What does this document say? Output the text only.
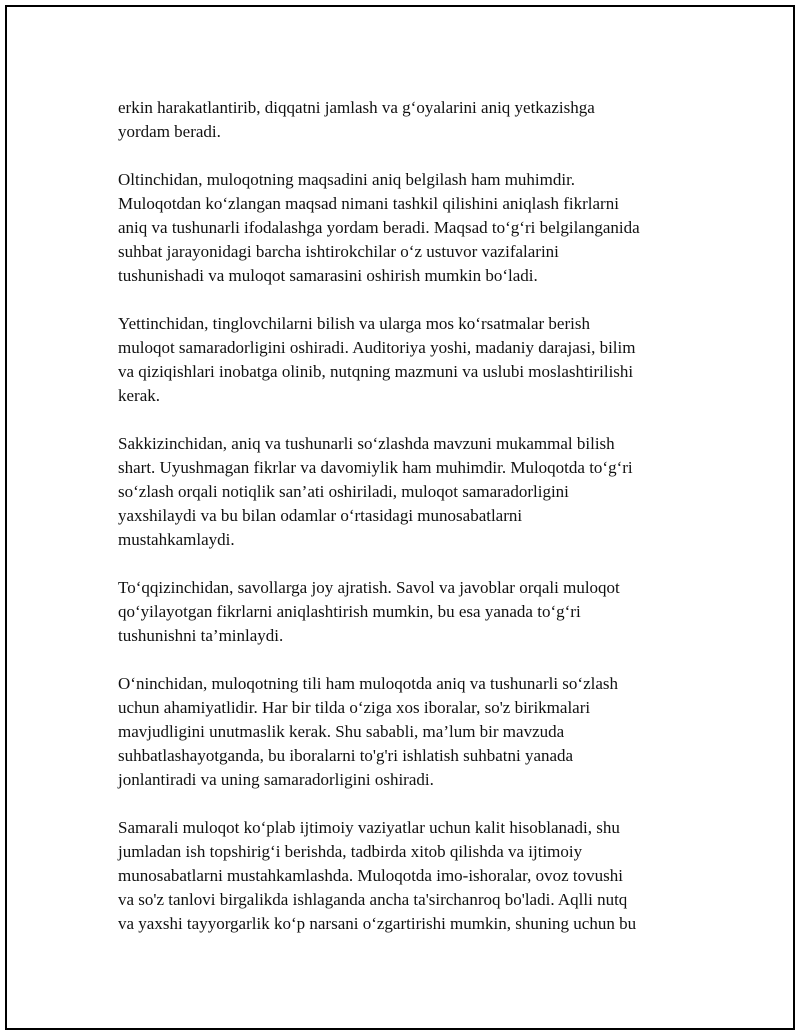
erkin harakatlantirib, diqqatni jamlash va g‘oyalarini aniq yetkazishga
yordam beradi.

Oltinchidan, muloqotning maqsadini aniq belgilash ham muhimdir.
Muloqotdan ko‘zlangan maqsad nimani tashkil qilishini aniqlash fikrlarni
aniq va tushunarli ifodalashga yordam beradi. Maqsad to‘g‘ri belgilanganida
suhbat jarayonidagi barcha ishtirokchilar o‘z ustuvor vazifalarini
tushunishadi va muloqot samarasini oshirish mumkin bo‘ladi.

Yettinchidan, tinglovchilarni bilish va ularga mos ko‘rsatmalar berish
muloqot samaradorligini oshiradi. Auditoriya yoshi, madaniy darajasi, bilim
va qiziqishlari inobatga olinib, nutqning mazmuni va uslubi moslashtirilishi
kerak.

Sakkizinchidan, aniq va tushunarli so‘zlashda mavzuni mukammal bilish
shart. Uyushmagan fikrlar va davomiylik ham muhimdir. Muloqotda to‘g‘ri
so‘zlash orqali notiqlik san’ati oshiriladi, muloqot samaradorligini
yaxshilaydi va bu bilan odamlar o‘rtasidagi munosabatlarni
mustahkamlaydi.

To‘qqizinchidan, savollarga joy ajratish. Savol va javoblar orqali muloqot
qo‘yilayotgan fikrlarni aniqlashtirish mumkin, bu esa yanada to‘g‘ri
tushunishni ta’minlaydi.

O‘ninchidan, muloqotning tili ham muloqotda aniq va tushunarli so‘zlash
uchun ahamiyatlidir. Har bir tilda o‘ziga xos iboralar, so'z birikmalari
mavjudligini unutmaslik kerak. Shu sababli, ma’lum bir mavzuda
suhbatlashayotganda, bu iboralarni to'g'ri ishlatish suhbatni yanada
jonlantiradi va uning samaradorligini oshiradi.

Samarali muloqot ko‘plab ijtimoiy vaziyatlar uchun kalit hisoblanadi, shu
jumladan ish topshirig‘i berishda, tadbirda xitob qilishda va ijtimoiy
munosabatlarni mustahkamlashda. Muloqotda imo-ishoralar, ovoz tovushi
va so'z tanlovi birgalikda ishlaganda ancha ta'sirchanroq bo'ladi. Aqlli nutq
va yaxshi tayyorgarlik ko‘p narsani o‘zgartirishi mumkin, shuning uchun bu
